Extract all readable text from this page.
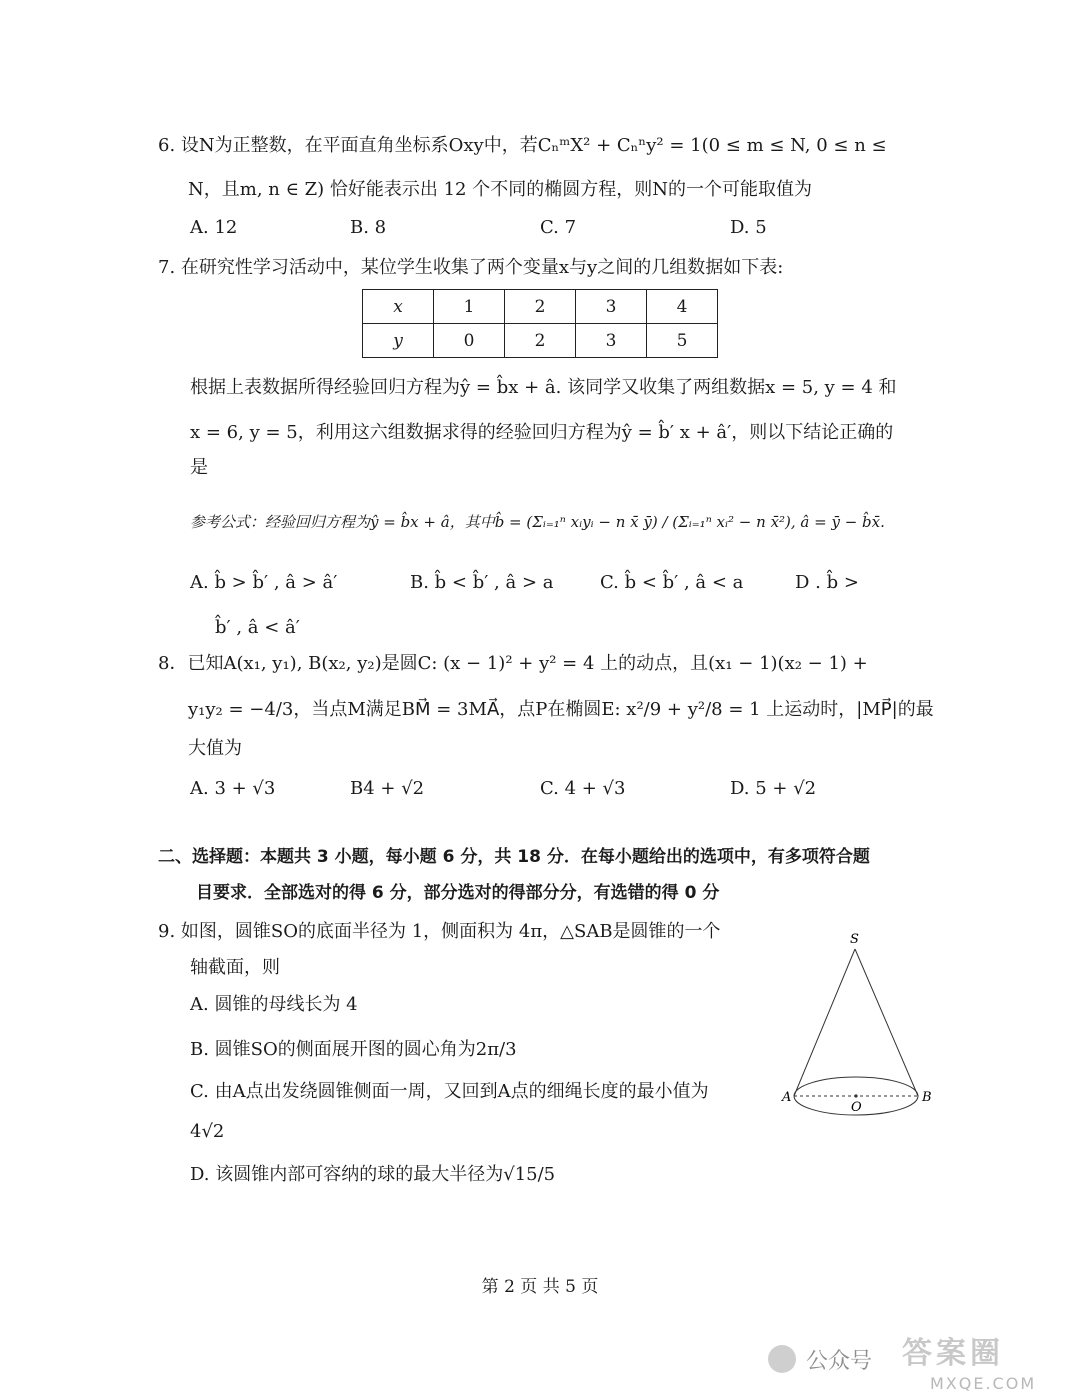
6. 设N为正整数，在平面直角坐标系Oxy中，若CₙᵐX² + Cₙⁿy² = 1(0 ≤ m ≤ N, 0 ≤ n ≤
N，且m, n ∈ Z) 恰好能表示出 12 个不同的椭圆方程，则N的一个可能取值为
A. 12	B. 8	C. 7	D. 5
7. 在研究性学习活动中，某位学生收集了两个变量x与y之间的几组数据如下表:
x	1	2	3	4
y	0	2	3	5
根据上表数据所得经验回归方程为ŷ = b̂x + â. 该同学又收集了两组数据x = 5, y = 4 和
x = 6, y = 5，利用这六组数据求得的经验回归方程为ŷ = b̂′ x + â′，则以下结论正确的
是
参考公式：经验回归方程为ŷ = b̂x + â，其中b̂ = (Σᵢ₌₁ⁿ xᵢyᵢ − n x̄ ȳ) / (Σᵢ₌₁ⁿ xᵢ² − n x̄²), â = ȳ − b̂x̄.
A. b̂ > b̂′ , â > â′	B. b̂ < b̂′ , â > a	C. b̂ < b̂′ , â < a	D . b̂ >
b̂′ , â < â′
8．已知A(x₁, y₁), B(x₂, y₂)是圆C: (x − 1)² + y² = 4 上的动点，且(x₁ − 1)(x₂ − 1) +
y₁y₂ = −4/3，当点M满足BM⃗ = 3MA⃗，点P在椭圆E: x²/9 + y²/8 = 1 上运动时，|MP⃗|的最
大值为
A. 3 + √3	B4 + √2	C. 4 + √3	D. 5 + √2
二、选择题：本题共 3 小题，每小题 6 分，共 18 分．在每小题给出的选项中，有多项符合题
目要求．全部选对的得 6 分，部分选对的得部分分，有选错的得 0 分
9. 如图，圆锥SO的底面半径为 1，侧面积为 4π，△SAB是圆锥的一个
轴截面，则
A. 圆锥的母线长为 4
B. 圆锥SO的侧面展开图的圆心角为2π/3
C. 由A点出发绕圆锥侧面一周，又回到A点的细绳长度的最小值为
4√2
D. 该圆锥内部可容纳的球的最大半径为√15/5
S
A	B
O
第 2 页 共 5 页
公众号 答案圈
MXQE.COM
